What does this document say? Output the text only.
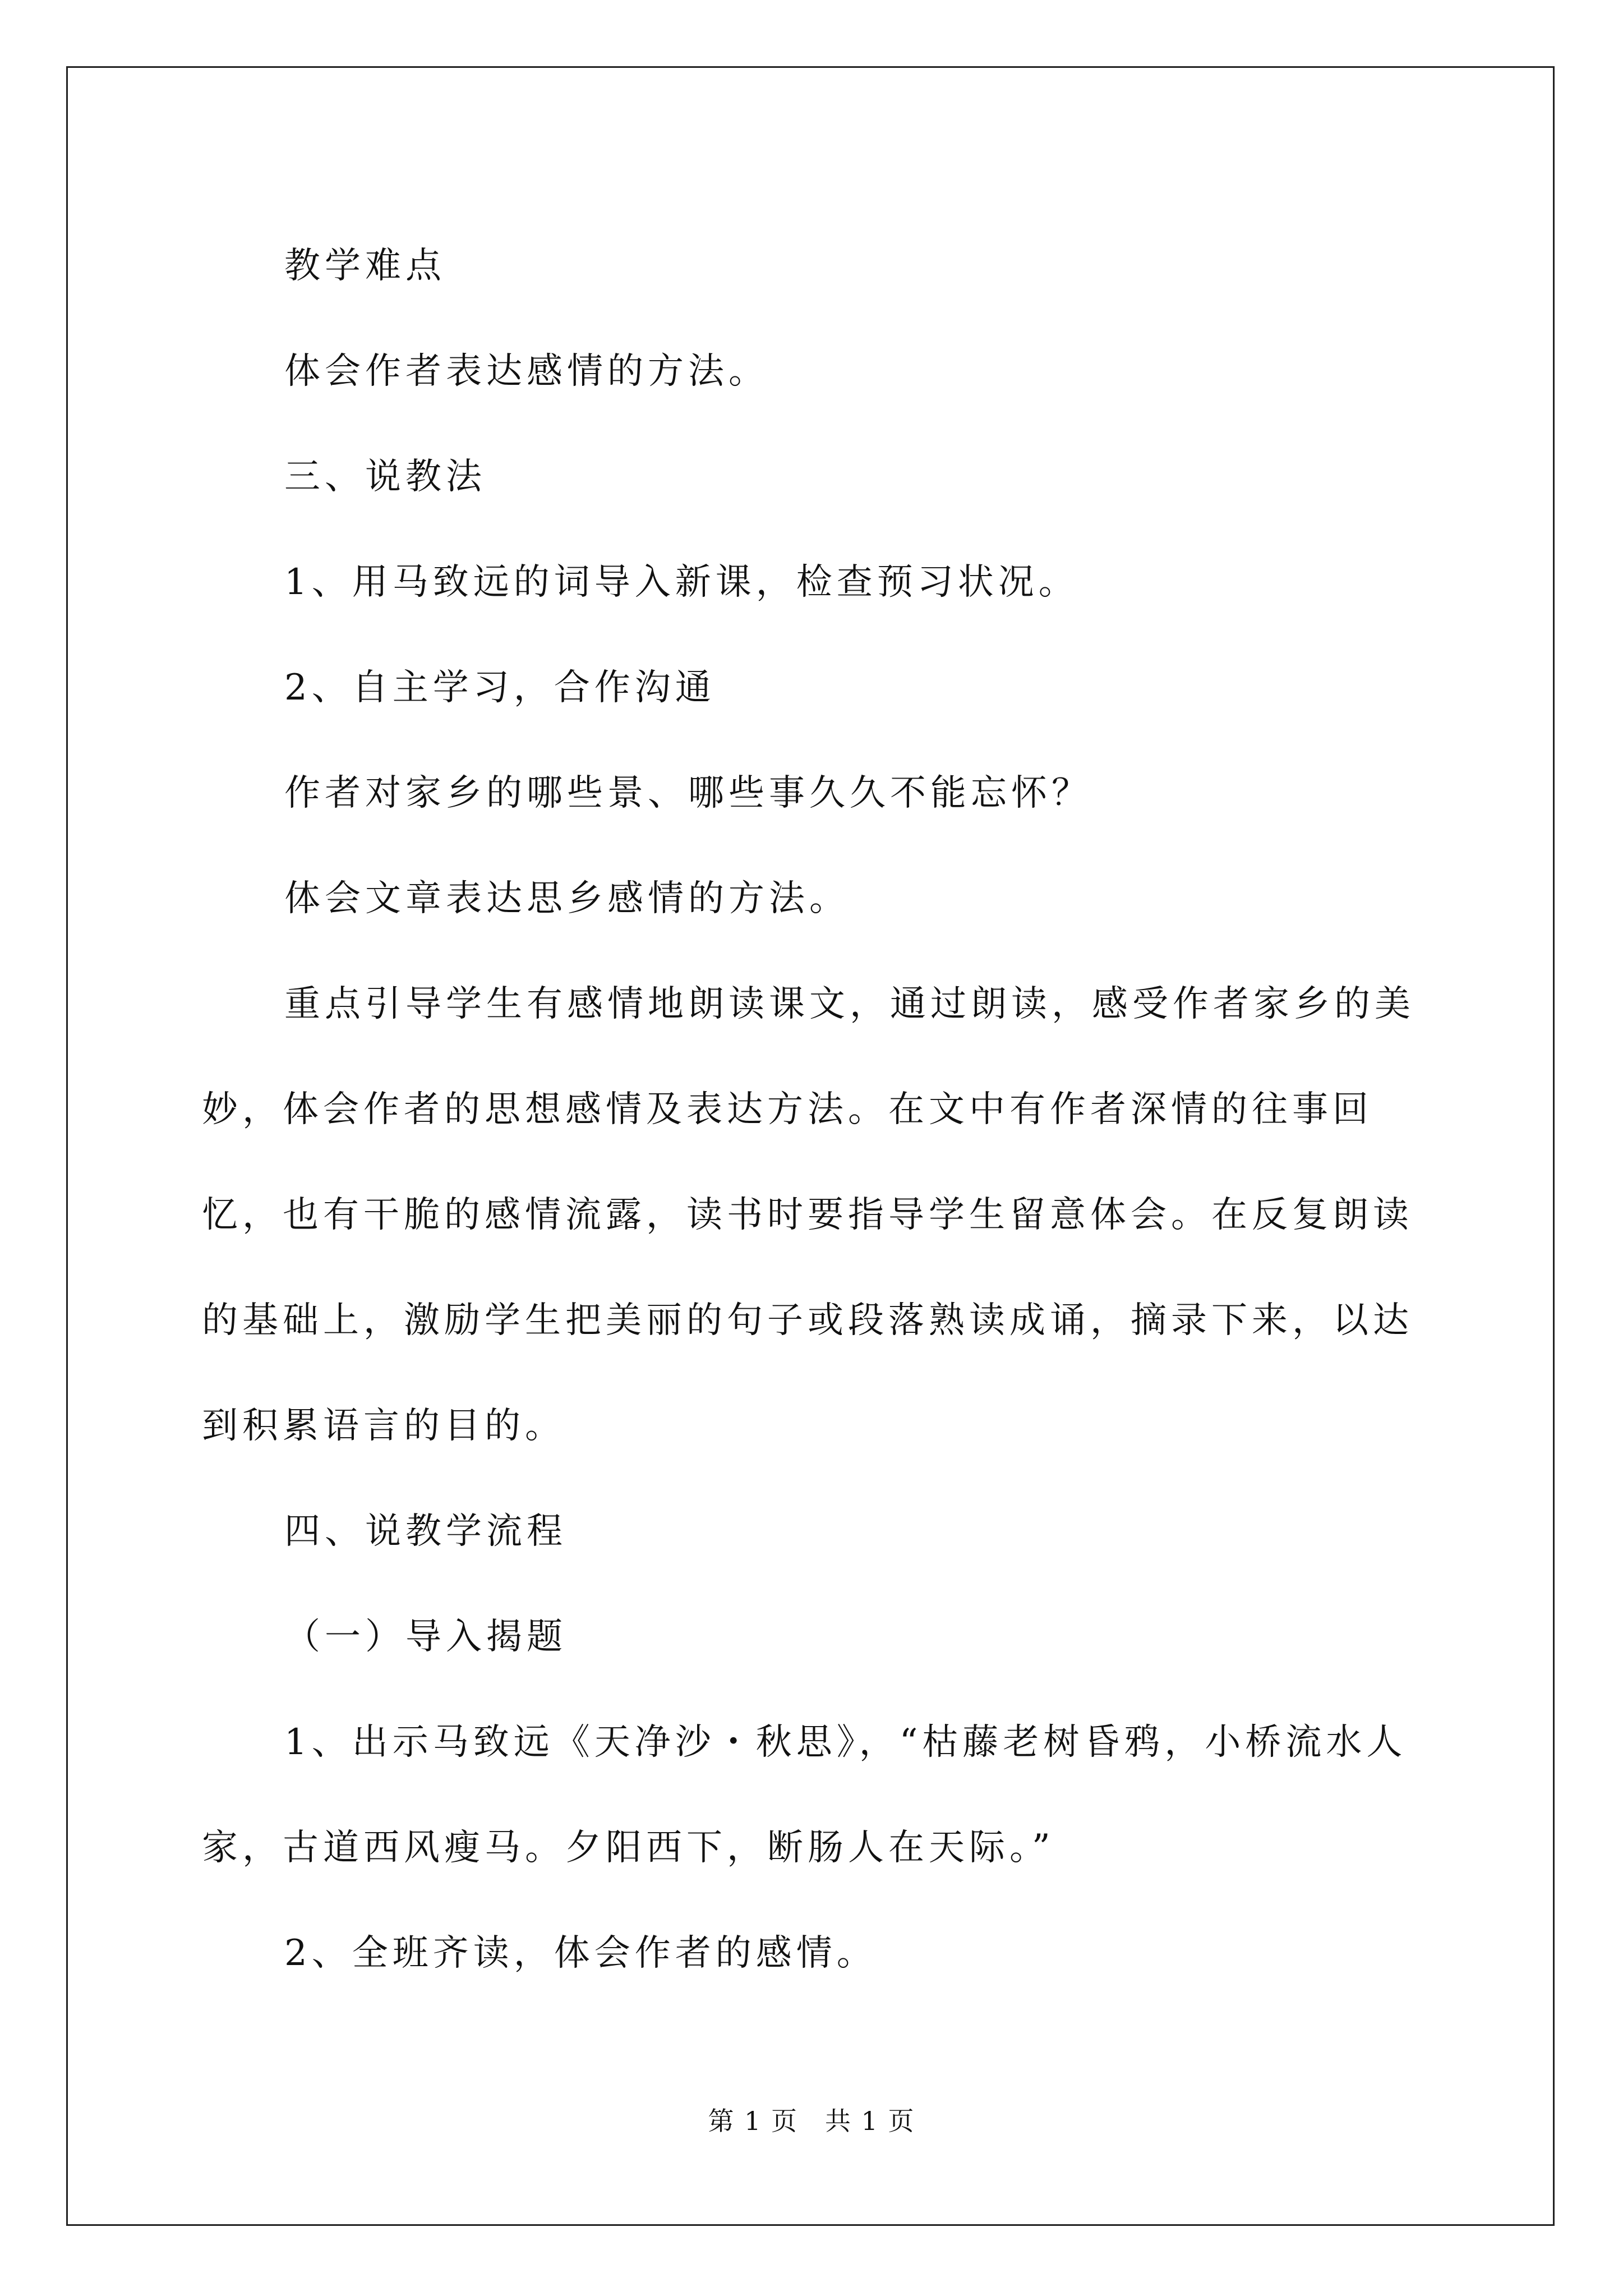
教学难点

体会作者表达感情的方法。

三、说教法

1、用马致远的词导入新课，检查预习状况。

2、自主学习，合作沟通

作者对家乡的哪些景、哪些事久久不能忘怀？

体会文章表达思乡感情的方法。

重点引导学生有感情地朗读课文，通过朗读，感受作者家乡的美妙，体会作者的思想感情及表达方法。在文中有作者深情的往事回忆，也有干脆的感情流露，读书时要指导学生留意体会。在反复朗读的基础上，激励学生把美丽的句子或段落熟读成诵，摘录下来，以达到积累语言的目的。

四、说教学流程

（一）导入揭题

1、出示马致远《天净沙・秋思》，“枯藤老树昏鸦，小桥流水人家，古道西风瘦马。夕阳西下，断肠人在天际。”

2、全班齐读，体会作者的感情。

第 1 页　共 1 页
